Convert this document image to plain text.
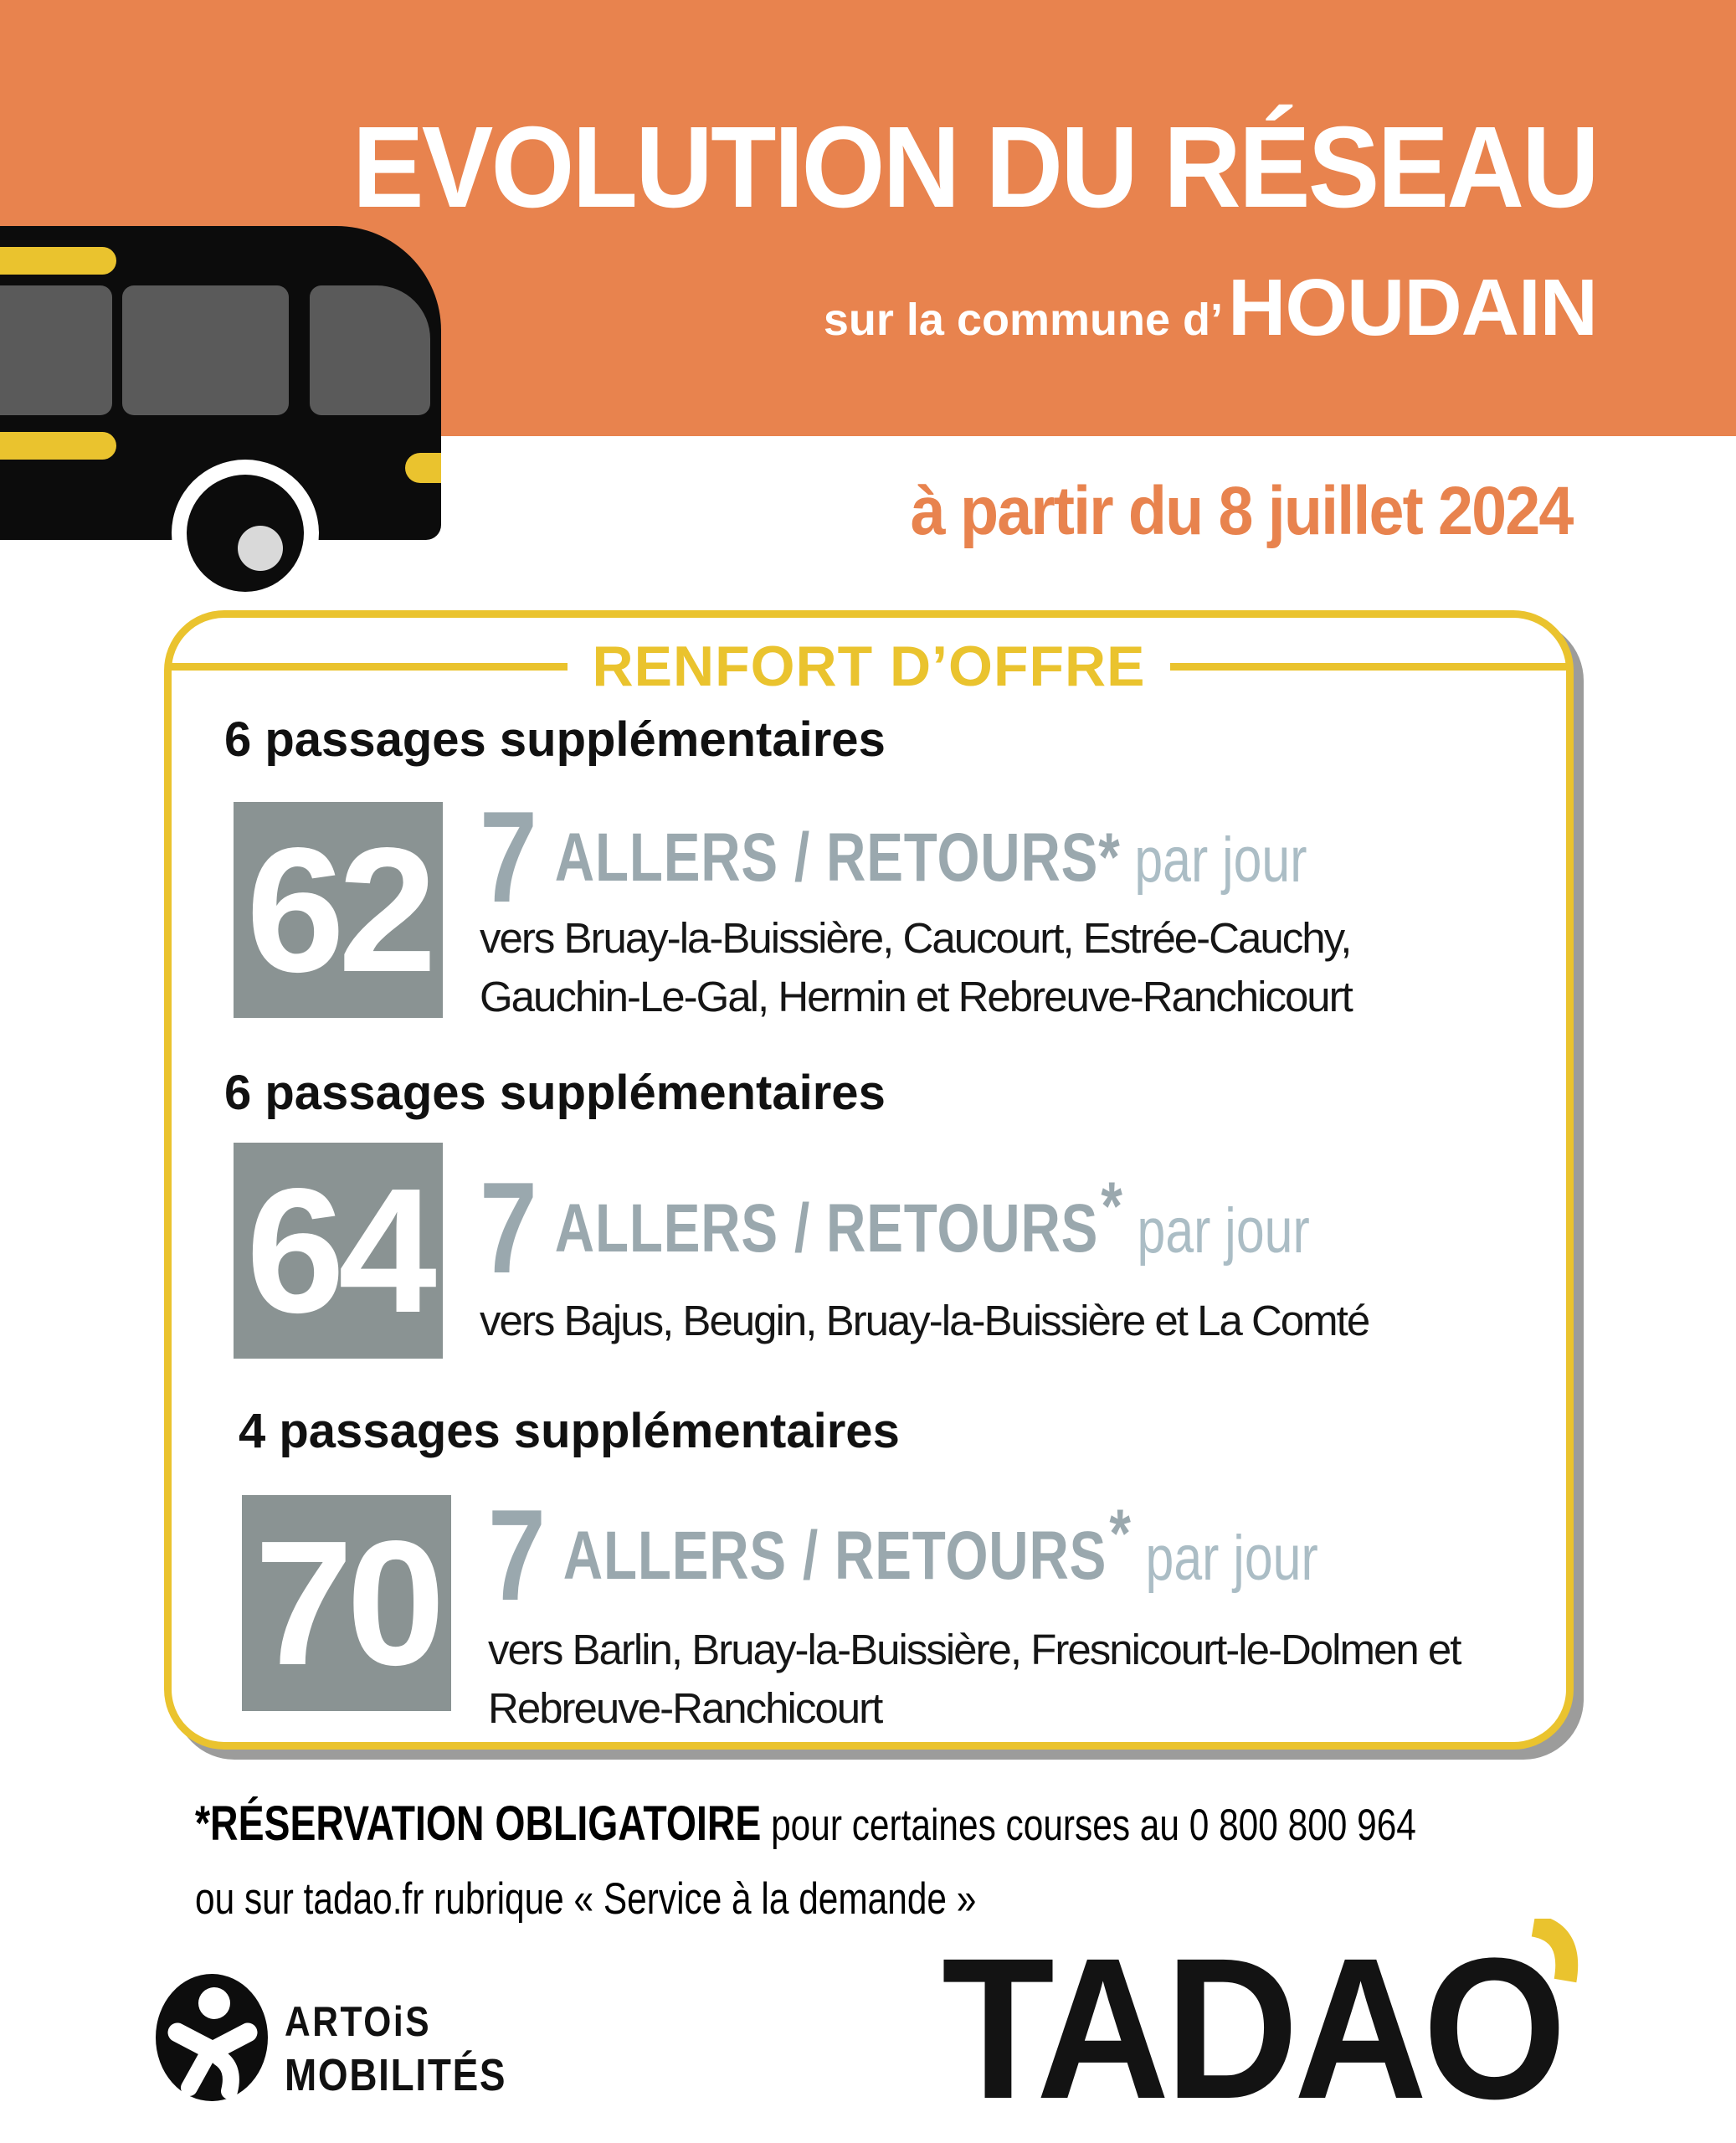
EVOLUTION DU RÉSEAU
sur la commune d’ HOUDAIN
à partir du 8 juillet 2024
RENFORT D’OFFRE
6 passages supplémentaires
62 7 ALLERS / RETOURS * par jour
vers Bruay-la-Buissière, Caucourt, Estrée-Cauchy,
Gauchin-Le-Gal, Hermin et Rebreuve-Ranchicourt
6 passages supplémentaires
64 7 ALLERS / RETOURS * par jour
vers Bajus, Beugin, Bruay-la-Buissière et La Comté
4 passages supplémentaires
70 7 ALLERS / RETOURS * par jour
vers Barlin, Bruay-la-Buissière, Fresnicourt-le-Dolmen et
Rebreuve-Ranchicourt
*RÉSERVATION OBLIGATOIRE pour certaines courses au 0 800 800 964
ou sur tadao.fr rubrique « Service à la demande »
ARTOiS
MOBILITÉS TADAO
